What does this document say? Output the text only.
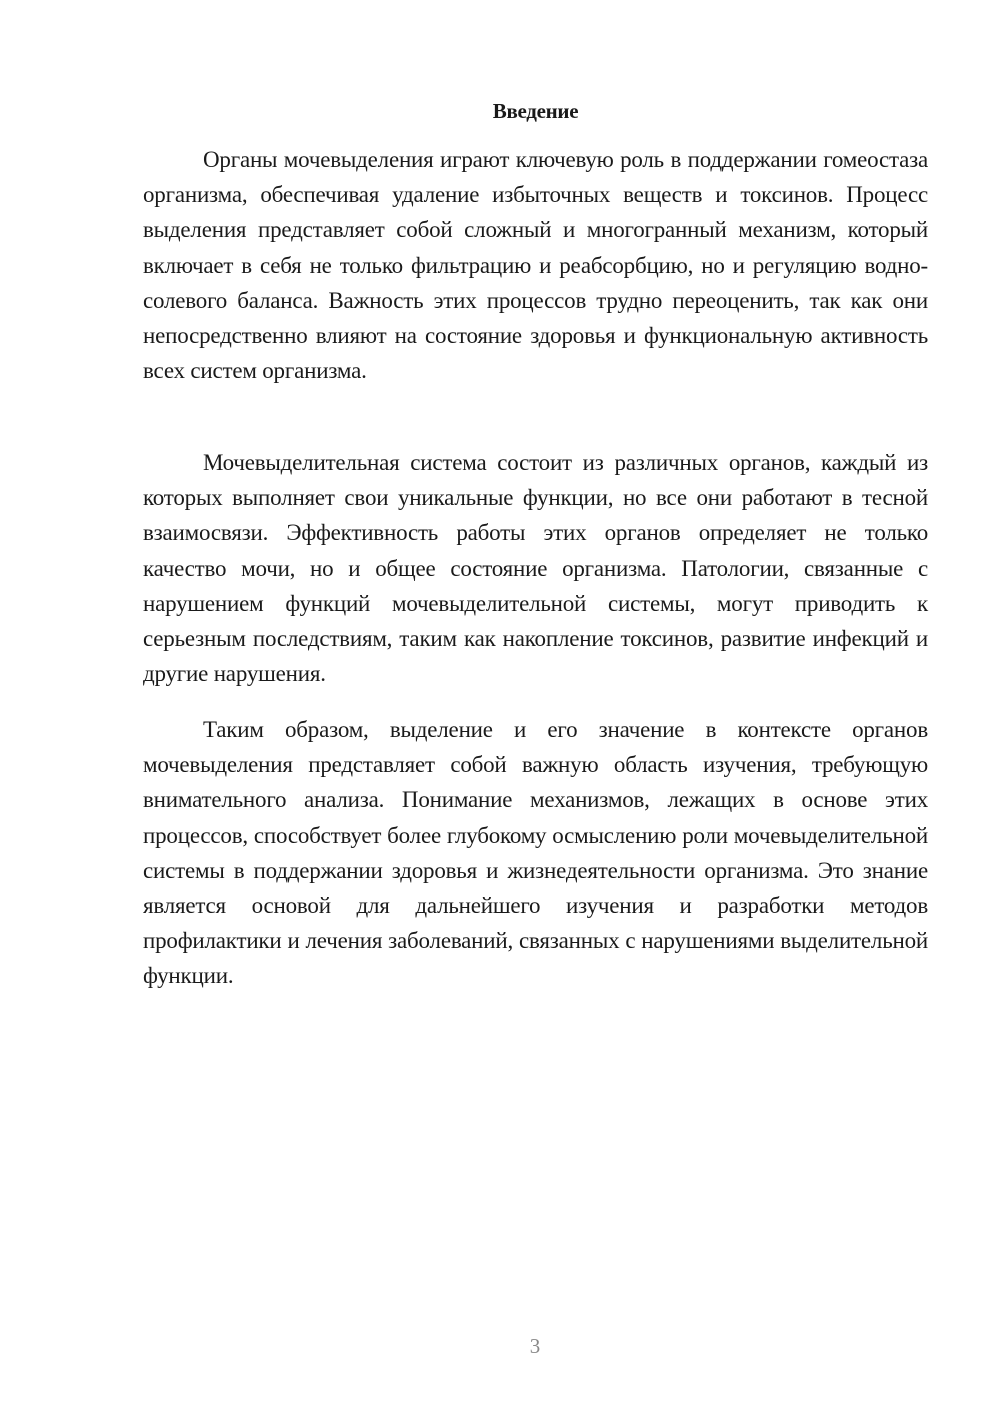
Введение

Органы мочевыделения играют ключевую роль в поддержании гомеостаза организма, обеспечивая удаление избыточных веществ и токсинов. Процесс выделения представляет собой сложный и многогранный механизм, который включает в себя не только фильтрацию и реабсорбцию, но и регуляцию водно-солевого баланса. Важность этих процессов трудно переоценить, так как они непосредственно влияют на состояние здоровья и функциональную активность всех систем организма.

Мочевыделительная система состоит из различных органов, каждый из которых выполняет свои уникальные функции, но все они работают в тесной взаимосвязи. Эффективность работы этих органов определяет не только качество мочи, но и общее состояние организма. Патологии, связанные с нарушением функций мочевыделительной системы, могут приводить к серьезным последствиям, таким как накопление токсинов, развитие инфекций и другие нарушения.

Таким образом, выделение и его значение в контексте органов мочевыделения представляет собой важную область изучения, требующую внимательного анализа. Понимание механизмов, лежащих в основе этих процессов, способствует более глубокому осмыслению роли мочевыделительной системы в поддержании здоровья и жизнедеятельности организма. Это знание является основой для дальнейшего изучения и разработки методов профилактики и лечения заболеваний, связанных с нарушениями выделительной функции.

3
